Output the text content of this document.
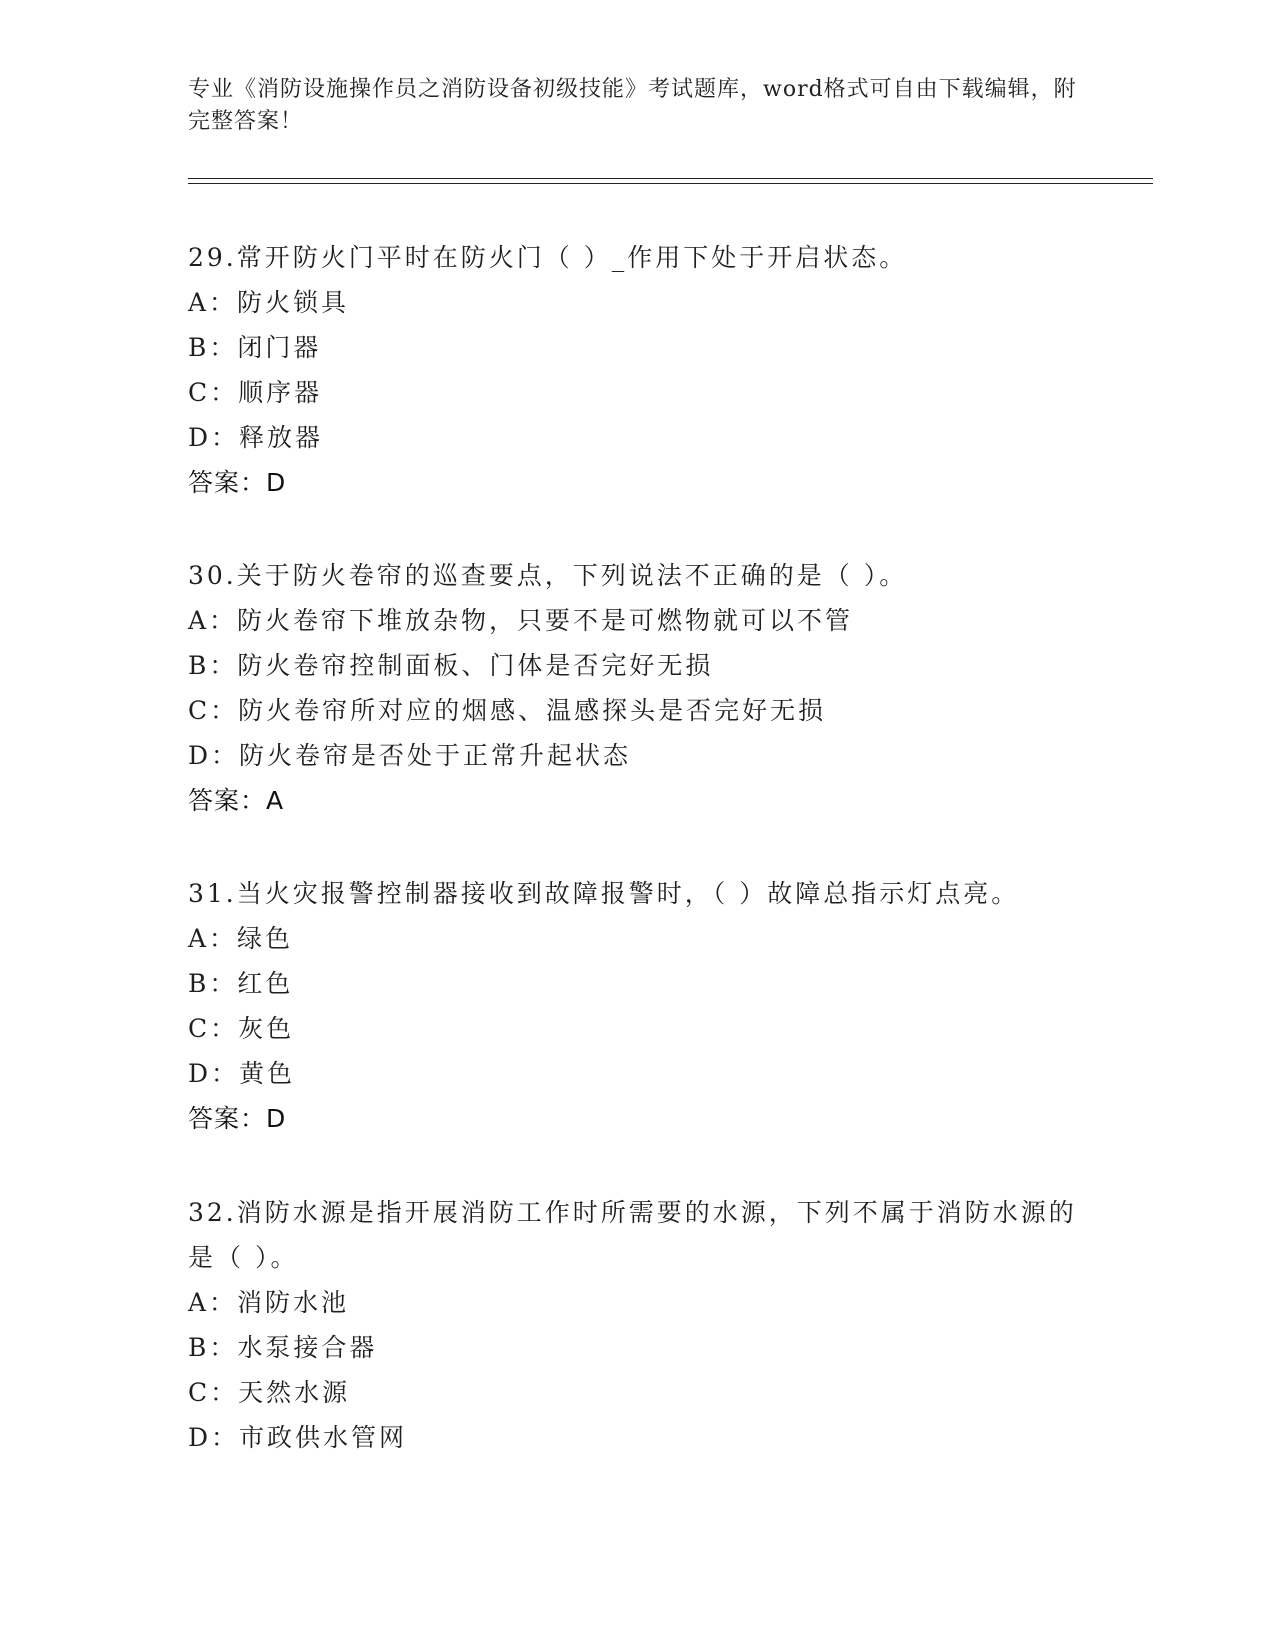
专业《消防设施操作员之消防设备初级技能》考试题库，word格式可自由下载编辑，附完整答案！
29.常开防火门平时在防火门（ ）_作用下处于开启状态。
A：防火锁具
B：闭门器
C：顺序器
D：释放器
答案：D
30.关于防火卷帘的巡查要点，下列说法不正确的是（ ）。
A：防火卷帘下堆放杂物，只要不是可燃物就可以不管
B：防火卷帘控制面板、门体是否完好无损
C：防火卷帘所对应的烟感、温感探头是否完好无损
D：防火卷帘是否处于正常升起状态
答案：A
31.当火灾报警控制器接收到故障报警时，（ ）故障总指示灯点亮。
A：绿色
B：红色
C：灰色
D：黄色
答案：D
32.消防水源是指开展消防工作时所需要的水源，下列不属于消防水源的是（ ）。
A：消防水池
B：水泵接合器
C：天然水源
D：市政供水管网
